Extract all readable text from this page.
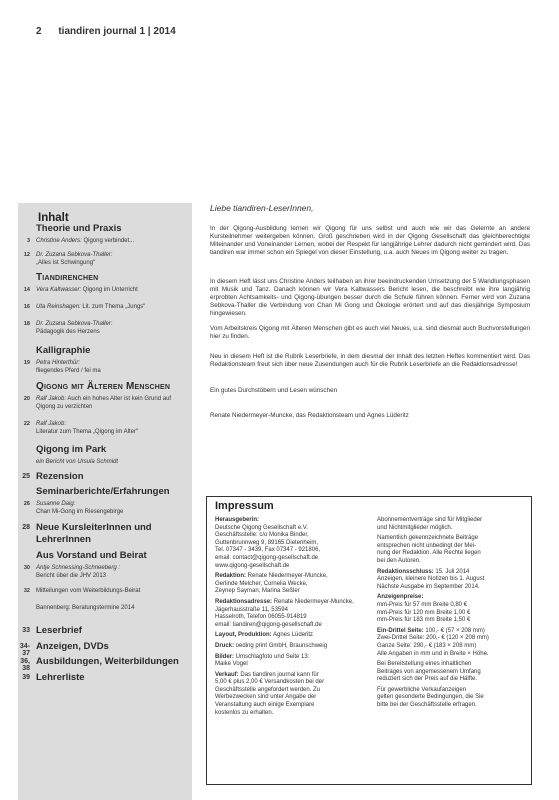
2 tiandiren journal 1 | 2014
Inhalt
Theorie und Praxis
3 Christine Anders: Qigong verbindet...
12 Dr. Zuzana Sebkova-Thaller:
„Alles ist Schwingung“
Tiandirenchen
14 Vera Kaltwasser: Qigong im Unterricht
16 Uta Reinshagen: Lit. zum Thema „Jungs“
18 Dr. Zuzana Sebkova-Thaller:
Pädagogik des Herzens
Kalligraphie
19 Petra Hinterthür:
fliegendes Pferd / fei ma
Qigong mit Älteren Menschen
20 Ralf Jakob: Auch ein hohes Alter ist kein Grund auf Qigong zu verzichten
22 Ralf Jakob:
Literatur zum Thema „Qigong im Alter“
Qigong im Park
ein Bericht von Ursula Schmidt
25 Rezension
Seminarberichte/Erfahrungen
26 Susanne Daig:
Chan Mi-Gong im Riesengebirge
28 Neue KursleiterInnen und
LehrerInnen
Aus Vorstand und Beirat
30 Antje Schnessing-Schneeberg :
Bericht über die JHV 2013
32 Mitteilungen vom Weiterbildungs-Beirat
Bannenberg: Beratungstermine 2014
33 Leserbrief
34-37
Anzeigen, DVDs
36, 38
Ausbildungen, Weiterbildungen
39 Lehrerliste
Liebe tiandiren-LeserInnen,
In der Qigong-Ausbildung lernen wir Qigong für uns selbst und auch wie wir das Gelernte an andere Kursteilnehmer weitergeben können. Groß geschrieben wird in der Qigong Gesellschaft das gleichberechtigte Miteinander und Voneinander Lernen, wobei der Respekt für langjährige Lehrer dadurch nicht gemindert wird. Das tiandiren war immer schon ein Spiegel von dieser Einstellung, u.a. auch Neues im Qigong weiter zu tragen.
In diesem Heft lässt uns Christine Anders teilhaben an ihrer beeindruckenden Umsetzung der 5 Wandlungsphasen mit Musik und Tanz. Danach können wir Vera Kaltwassers Bericht lesen, die beschreibt wie ihre langjährig erprobten Achtsamkeits- und Qigong-übungen besser durch die Schule führen können. Ferner wird von Zuzana Sebkova-Thaller die Verbindung von Chan Mi Gong und Ökologie erörtert und auf das diesjährige Symposium hingewiesen.
Vom Arbeitskreis Qigong mit Älteren Menschen gibt es auch viel Neues, u.a. sind diesmal auch Buchvorstellungen hier zu finden.
Neu in diesem Heft ist die Rubrik Leserbriefe, in dem diesmal der Inhalt des letzten Heftes kommentiert wird. Das Redaktionsteam freut sich über neue Zusendungen auch für die Rubrik Leserbriefe an die Redaktionsadresse!
Ein gutes Durchstöbern und Lesen wünschen
Renate Niedermeyer-Muncke, das Redaktionsteam und Agnes Lüderitz
Impressum

Herausgeberin:
Deutsche Qigong Gesellschaft e.V.
Geschäftsstelle: c/o Monika Binder,
Guttenbrunnweg 9, 89165 Dietenheim,
Tel. 07347 - 3439, Fax 07347 - 921806,
email: contact@qigong-gesellschaft.de
www.qigong-gesellschaft.de

Redaktion: Renate Niedermeyer-Muncke,
Gerlinde Melcher, Cornelia Wecke,
Zeynep Sayman, Marina Seßler

Redaktionsadresse: Renate Niedermeyer-Muncke, Jägerhausstraße 11, 53594
Hasselroth, Telefon 06055-914819
email: tiandiren@qigong-gesellschaft.de

Layout, Produktion: Agnes Lüderitz

Druck: oeding print GmbH, Braunschweig

Bilder: Umschlagfoto und Seite 13:
Maike Vogel

Verkauf: Das tiandiren journal kann für
5,00 € plus 2,00 € Versandkosten bei der
Geschäftsstelle angefordert werden. Zu
Werbezwecken sind unter Angabe der
Veranstaltung auch einige Exemplare
kostenlos zu erhalten.

Abonnementverträge sind für Mitglieder
und Nichtmitglieder möglich.

Namentlich gekennzeichnete Beiträge
entsprechen nicht unbedingt der Mei-
nung der Redaktion. Alle Rechte liegen
bei den Autoren.

Redaktionsschluss: 15. Juli 2014
Anzeigen, kleinere Notizen bis 1. August
Nächste Ausgabe im September 2014.

Anzeigenpreise:
mm-Preis für 57 mm Breite 0,80 €
mm-Preis für 120 mm Breite 1,00 €
mm-Preis für 183 mm Breite 1,50 €

Ein-Drittel Seite: 100,- € (57 × 208 mm)
Zwei-Drittel Seite: 200,- € (120 × 208 mm)
Ganze Seite: 290,- € (183 × 208 mm)
Alle Angaben in mm und in Breite × Höhe.

Bei Bereitstellung eines inhaltlichen
Beitrages von angemessenem Umfang
reduziert sich der Preis auf die Hälfte.

Für gewerbliche Verkaufanzeigen
gelten gesonderte Bedingungen, die Sie
bitte bei der Geschäftsstelle erfragen.
